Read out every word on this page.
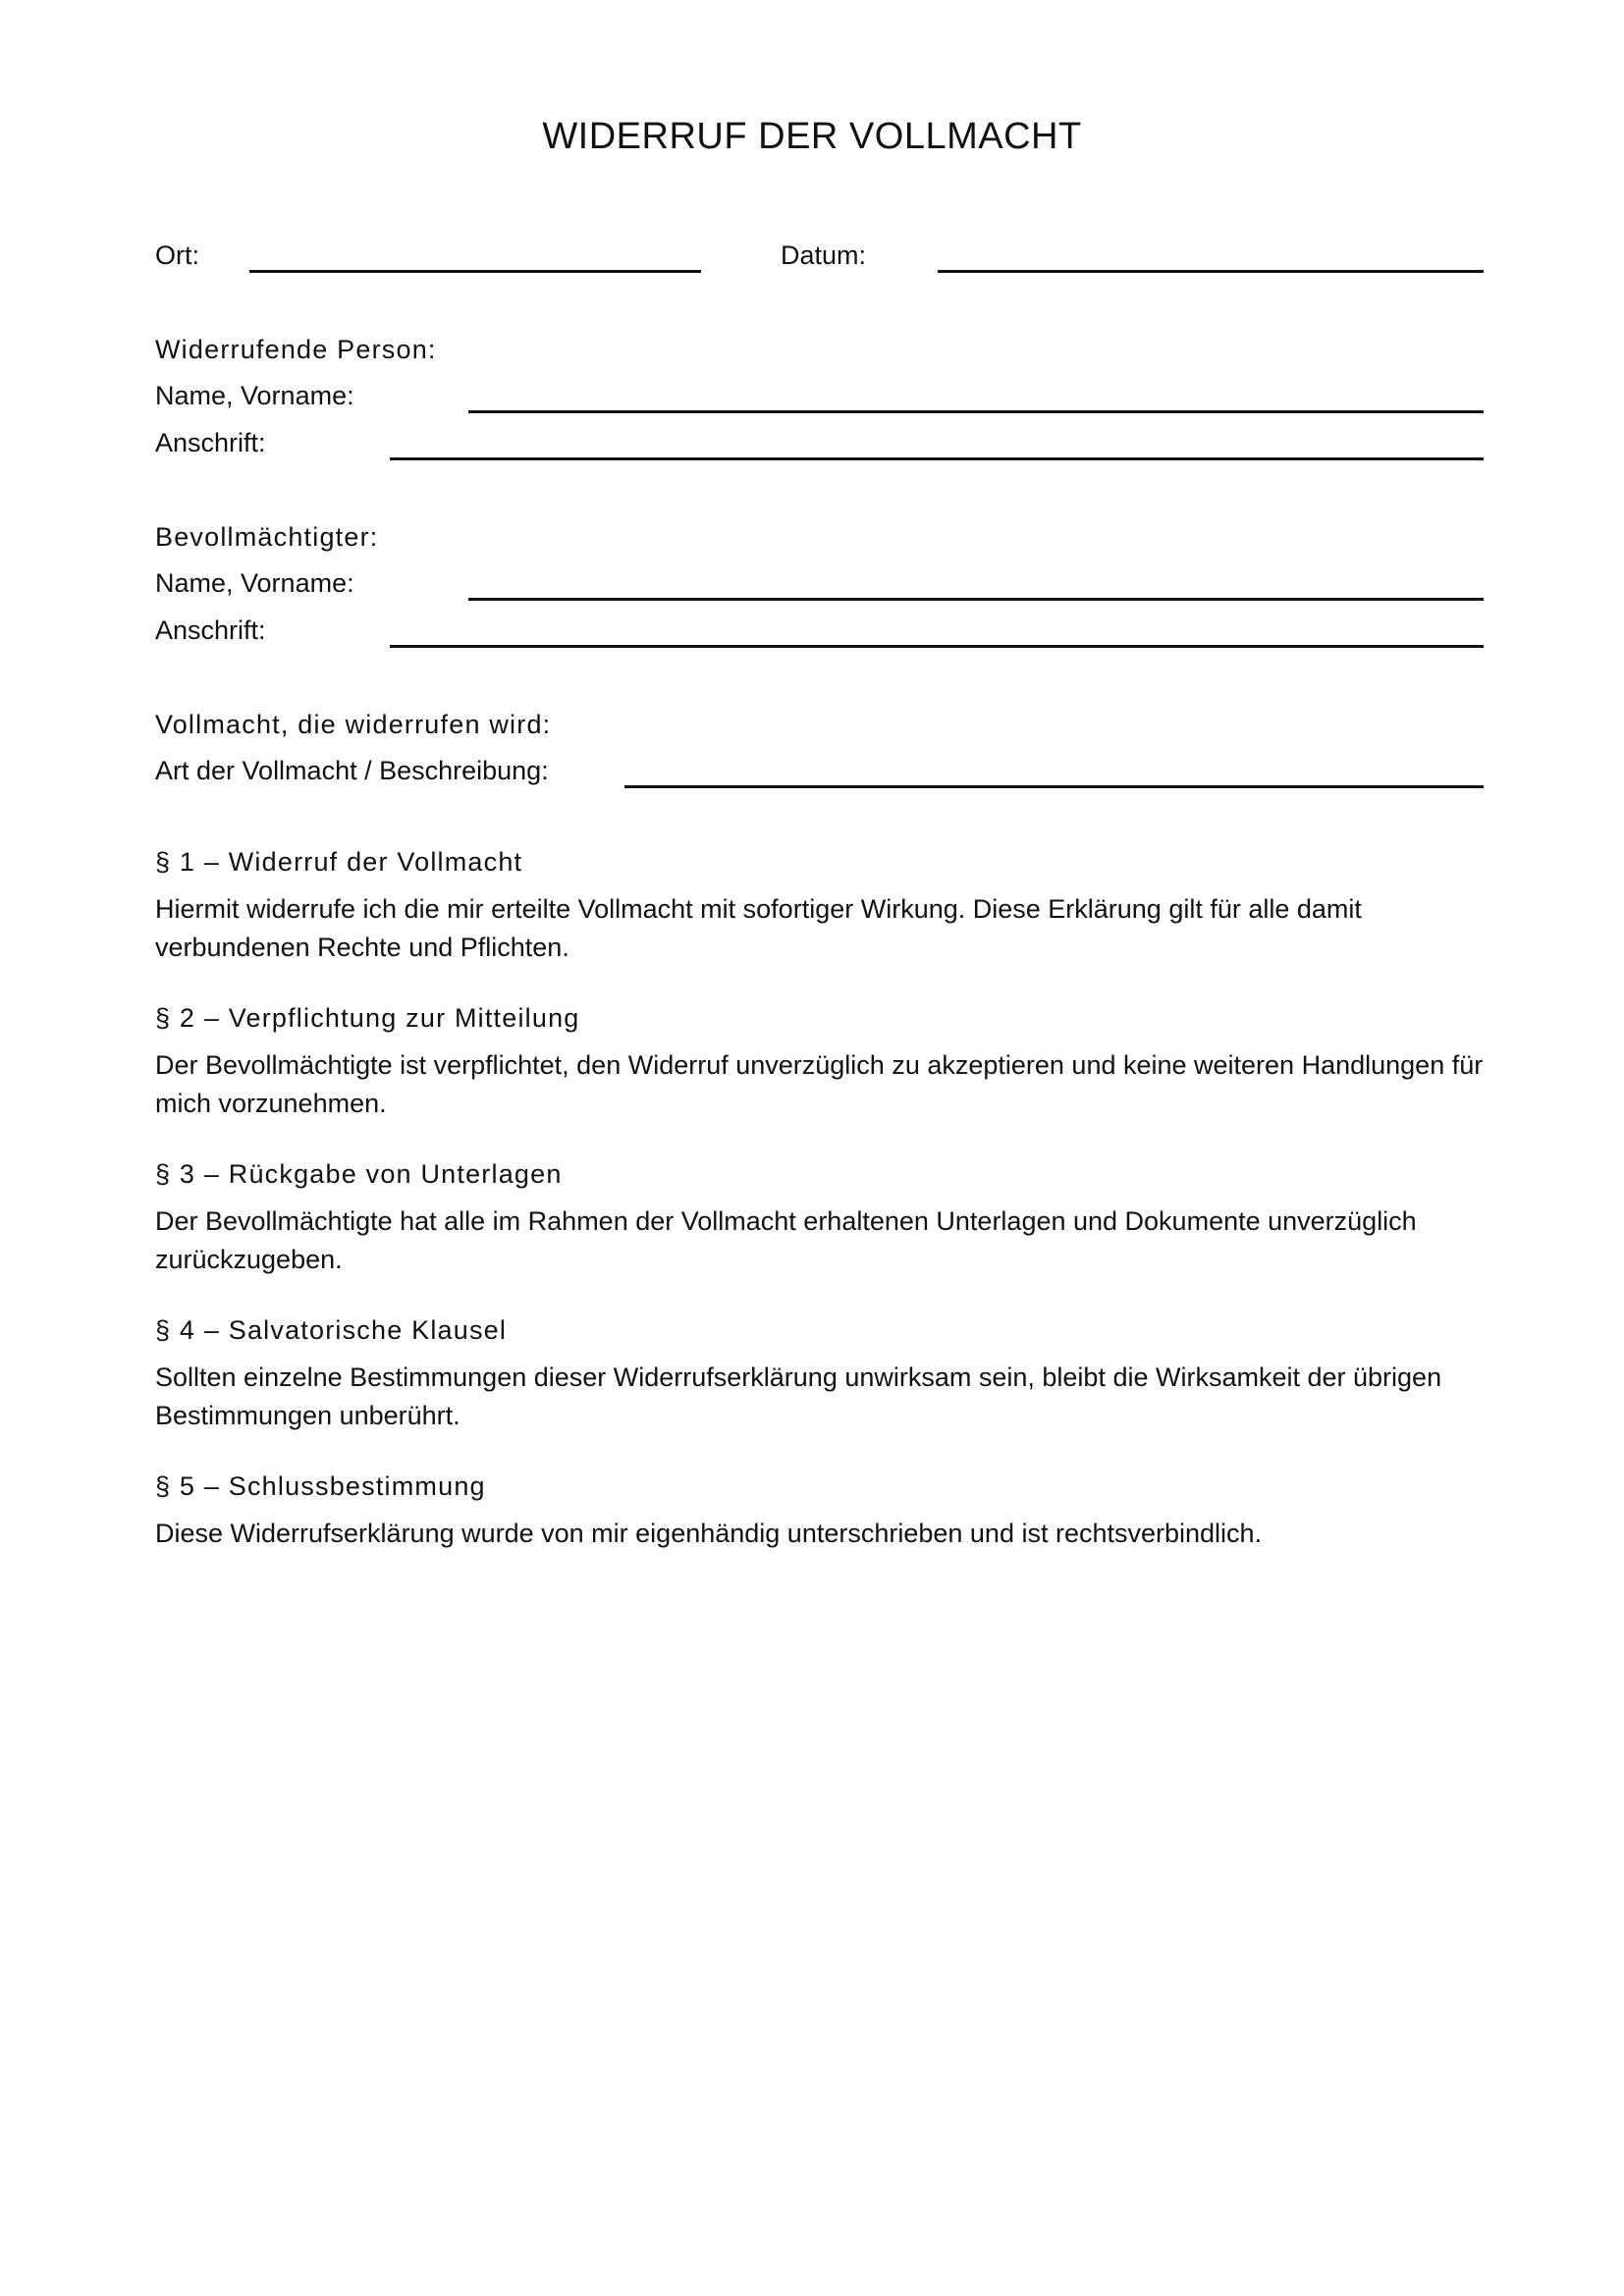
WIDERRUF DER VOLLMACHT
Ort:	Datum:
Widerrufende Person:
Name, Vorname:
Anschrift:
Bevollmächtigter:
Name, Vorname:
Anschrift:
Vollmacht, die widerrufen wird:
Art der Vollmacht / Beschreibung:
§ 1 – Widerruf der Vollmacht
Hiermit widerrufe ich die mir erteilte Vollmacht mit sofortiger Wirkung. Diese Erklärung gilt für alle damit verbundenen Rechte und Pflichten.
§ 2 – Verpflichtung zur Mitteilung
Der Bevollmächtigte ist verpflichtet, den Widerruf unverzüglich zu akzeptieren und keine weiteren Handlungen für mich vorzunehmen.
§ 3 – Rückgabe von Unterlagen
Der Bevollmächtigte hat alle im Rahmen der Vollmacht erhaltenen Unterlagen und Dokumente unverzüglich zurückzugeben.
§ 4 – Salvatorische Klausel
Sollten einzelne Bestimmungen dieser Widerrufserklärung unwirksam sein, bleibt die Wirksamkeit der übrigen Bestimmungen unberührt.
§ 5 – Schlussbestimmung
Diese Widerrufserklärung wurde von mir eigenhändig unterschrieben und ist rechtsverbindlich.
